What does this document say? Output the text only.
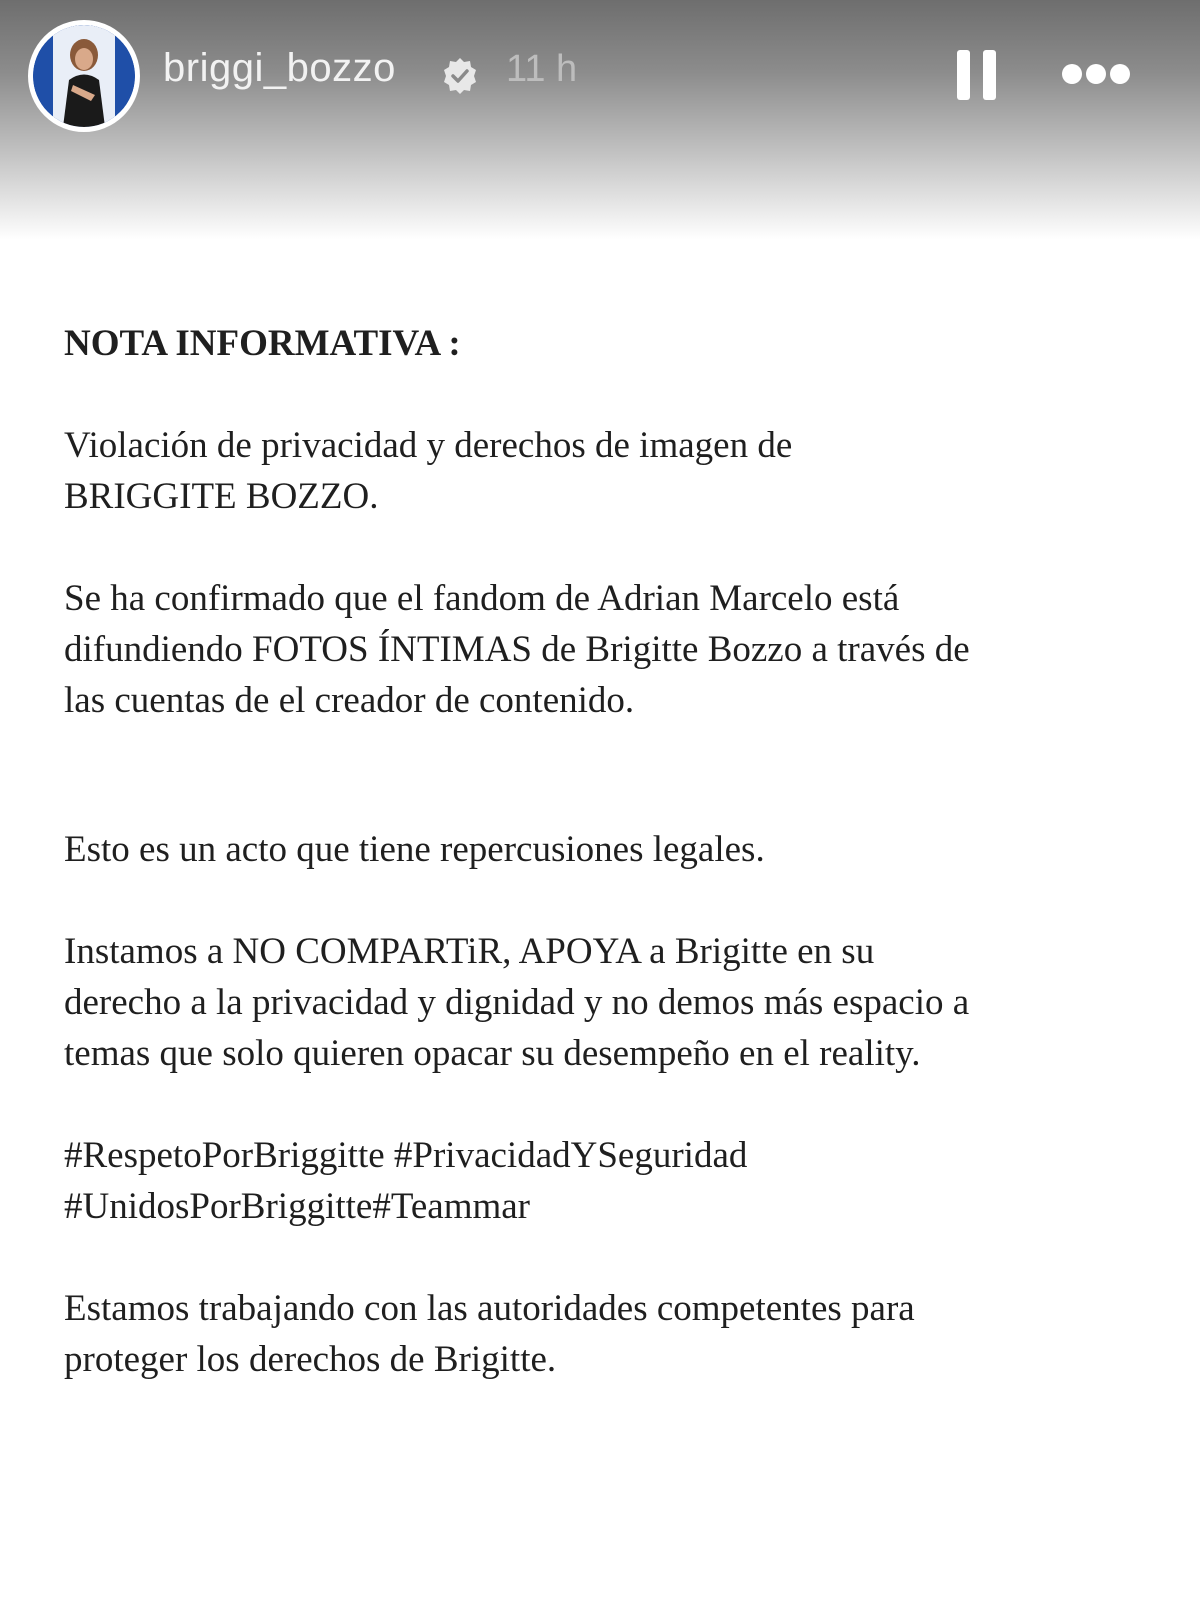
briggi_bozzo	11 h

NOTA INFORMATIVA :

Violación de privacidad y derechos de imagen de

BRIGGITE BOZZO.

Se ha confirmado que el fandom de Adrian Marcelo está

difundiendo FOTOS ÍNTIMAS de Brigitte Bozzo a través de

las cuentas de el creador de contenido.

Esto es un acto que tiene repercusiones legales.

Instamos a NO COMPARTiR, APOYA a Brigitte en su

derecho a la privacidad y dignidad y no demos más espacio a

temas que solo quieren opacar su desempeño en el reality.

#RespetoPorBriggitte #PrivacidadYSeguridad

#UnidosPorBriggitte#Teammar

Estamos trabajando con las autoridades competentes para

proteger los derechos de Brigitte.
